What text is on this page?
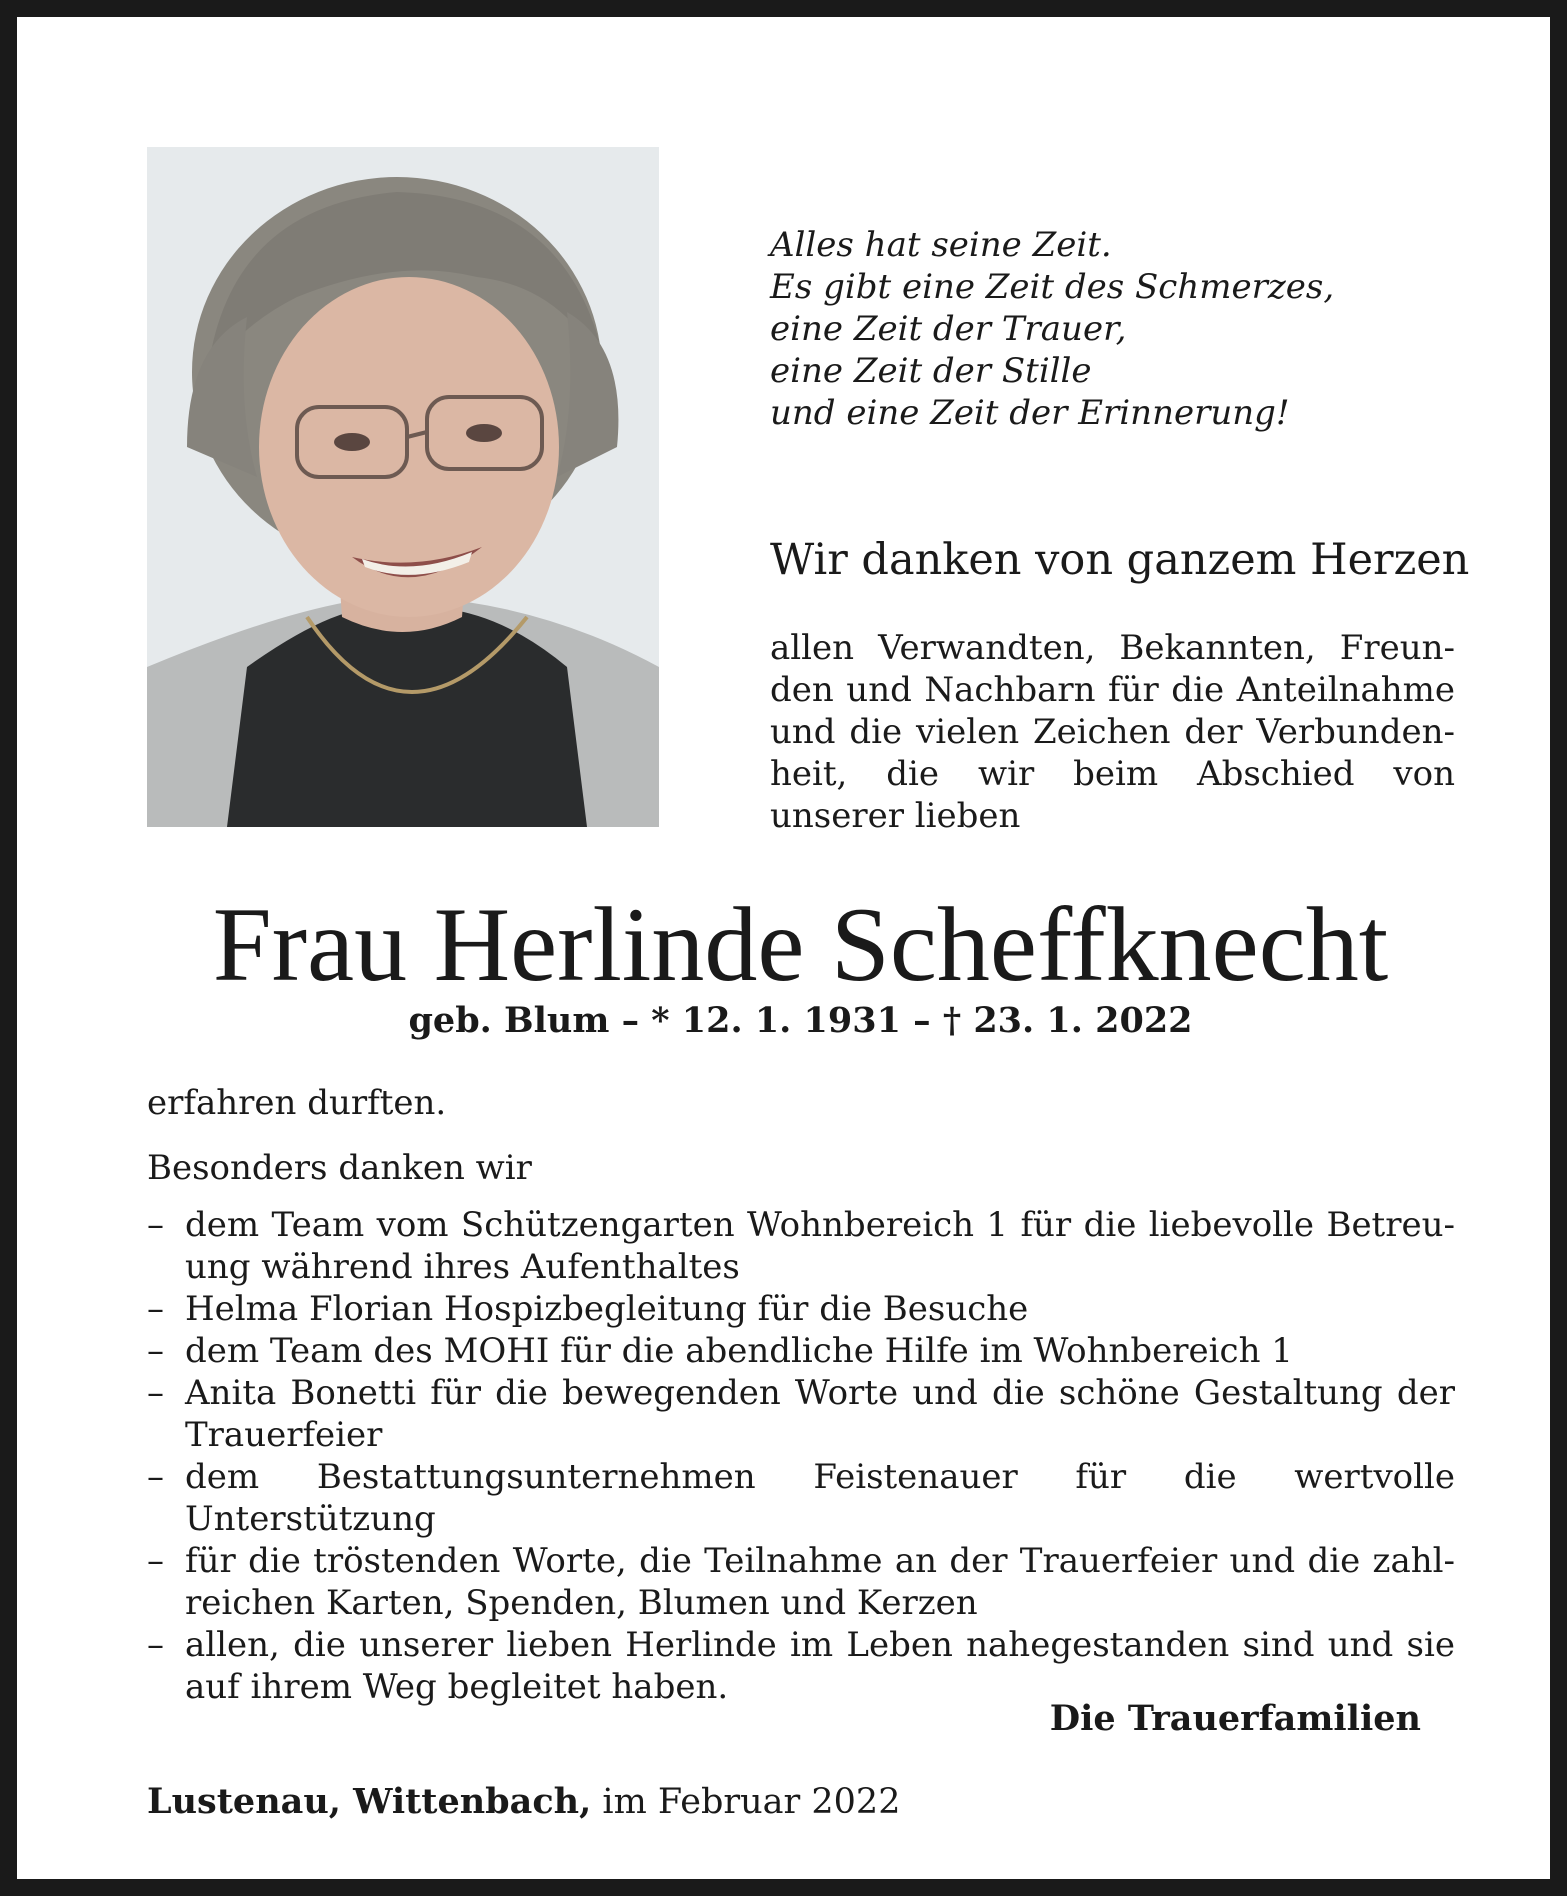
Alles hat seine Zeit.
Es gibt eine Zeit des Schmerzes,
eine Zeit der Trauer,
eine Zeit der Stille
und eine Zeit der Erinnerung!
Wir danken von ganzem Herzen
allen Verwandten, Bekannten, Freunden und Nachbarn für die Anteilnahme und die vielen Zeichen der Verbundenheit, die wir beim Abschied von unserer lieben
Frau Herlinde Scheffknecht
geb. Blum – * 12. 1. 1931 – † 23. 1. 2022
erfahren durften.
Besonders danken wir
– dem Team vom Schützengarten Wohnbereich 1 für die liebevolle Betreuung während ihres Aufenthaltes
– Helma Florian Hospizbegleitung für die Besuche
– dem Team des MOHI für die abendliche Hilfe im Wohnbereich 1
– Anita Bonetti für die bewegenden Worte und die schöne Gestaltung der Trauerfeier
– dem Bestattungsunternehmen Feistenauer für die wertvolle Unterstützung
– für die tröstenden Worte, die Teilnahme an der Trauerfeier und die zahlreichen Karten, Spenden, Blumen und Kerzen
– allen, die unserer lieben Herlinde im Leben nahegestanden sind und sie auf ihrem Weg begleitet haben.
Die Trauerfamilien
Lustenau, Wittenbach, im Februar 2022
